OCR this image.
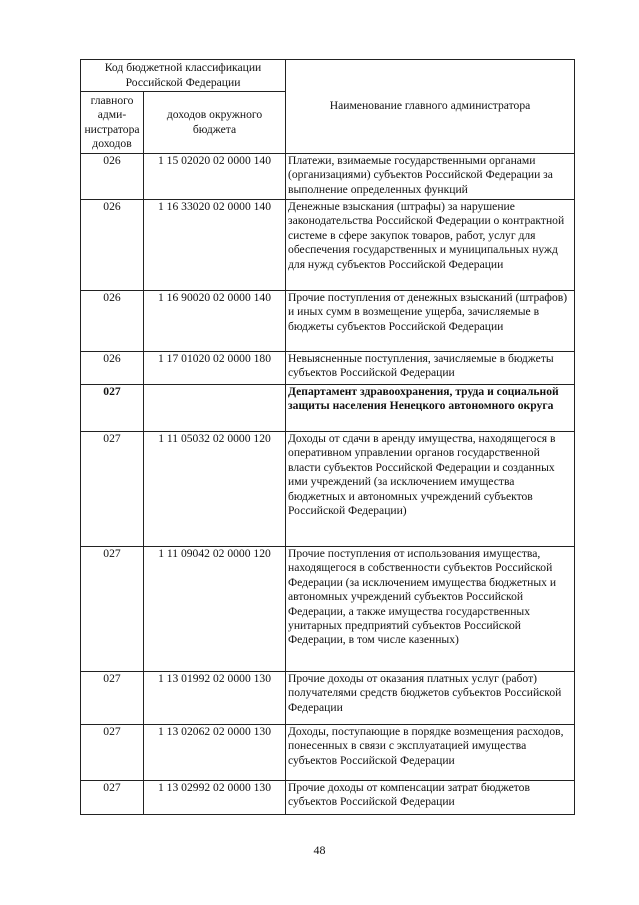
Код бюджетной классификации Российской Федерации		Наименование главного администратора
главного адми-нистратора доходов	доходов окружного бюджета	
026	1 15 02020 02 0000 140	Платежи, взимаемые государственными органами (организациями) субъектов Российской Федерации за выполнение определенных функций
026	1 16 33020 02 0000 140	Денежные взыскания (штрафы) за нарушение законодательства Российской Федерации о контрактной системе в сфере закупок товаров, работ, услуг для обеспечения государственных и муниципальных нужд для нужд субъектов Российской Федерации
026	1 16 90020 02 0000 140	Прочие поступления от денежных взысканий (штрафов) и иных сумм в возмещение ущерба, зачисляемые в бюджеты субъектов Российской Федерации
026	1 17 01020 02 0000 180	Невыясненные поступления, зачисляемые в бюджеты субъектов Российской Федерации
027		Департамент здравоохранения, труда и социальной защиты населения Ненецкого автономного округа
027	1 11 05032 02 0000 120	Доходы от сдачи в аренду имущества, находящегося в оперативном управлении органов государственной власти субъектов Российской Федерации и созданных ими учреждений (за исключением имущества бюджетных и автономных учреждений субъектов Российской Федерации)
027	1 11 09042 02 0000 120	Прочие поступления от использования имущества, находящегося в собственности субъектов Российской Федерации (за исключением имущества бюджетных и автономных учреждений субъектов Российской Федерации, а также имущества государственных унитарных предприятий субъектов Российской Федерации, в том числе казенных)
027	1 13 01992 02 0000 130	Прочие доходы от оказания платных услуг (работ) получателями средств бюджетов субъектов Российской Федерации
027	1 13 02062 02 0000 130	Доходы, поступающие в порядке возмещения расходов, понесенных в связи с эксплуатацией имущества субъектов Российской Федерации
027	1 13 02992 02 0000 130	Прочие доходы от компенсации затрат бюджетов субъектов Российской Федерации
48
